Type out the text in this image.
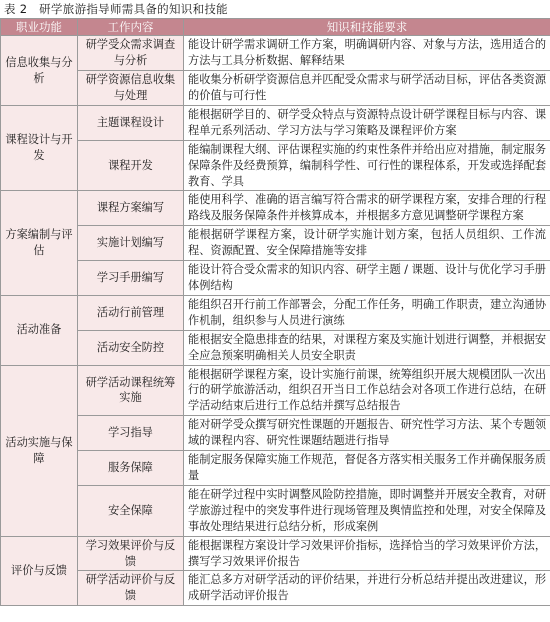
表 2　研学旅游指导师需具备的知识和技能
职业功能	工作内容	知识和技能要求
信息收集与分析	研学受众需求调查与分析	能设计研学需求调研工作方案，明确调研内容、对象与方法，选用适合的方法与工具分析数据、解释结果
	研学资源信息收集与处理	能收集分析研学资源信息并匹配受众需求与研学活动目标，评估各类资源的价值与可行性
课程设计与开发	主题课程设计	能根据研学目的、研学受众特点与资源特点设计研学课程目标与内容、课程单元系列活动、学习方法与学习策略及课程评价方案
	课程开发	能编制课程大纲、评估课程实施的约束性条件并给出应对措施，制定服务保障条件及经费预算，编制科学性、可行性的课程体系，开发或选择配套教育、学具
方案编制与评估	课程方案编写	能使用科学、准确的语言编写符合需求的研学课程方案，安排合理的行程路线及服务保障条件并核算成本，并根据多方意见调整研学课程方案
	实施计划编写	能根据研学课程方案，设计研学实施计划方案，包括人员组织、工作流程、资源配置、安全保障措施等安排
	学习手册编写	能设计符合受众需求的知识内容、研学主题 / 课题、设计与优化学习手册体例结构
活动准备	活动行前管理	能组织召开行前工作部署会，分配工作任务，明确工作职责，建立沟通协作机制，组织参与人员进行演练
	活动安全防控	能根据安全隐患排查的结果，对课程方案及实施计划进行调整，并根据安全应急预案明确相关人员安全职责
活动实施与保障	研学活动课程统筹实施	能根据研学课程方案，设计实施行前课，统筹组织开展大规模团队一次出行的研学旅游活动，组织召开当日工作总结会对各项工作进行总结，在研学活动结束后进行工作总结并撰写总结报告
	学习指导	能对研学受众撰写研究性课题的开题报告、研究性学习方法、某个专题领域的课程内容、研究性课题结题进行指导
	服务保障	能制定服务保障实施工作规范，督促各方落实相关服务工作并确保服务质量
	安全保障	能在研学过程中实时调整风险防控措施，即时调整并开展安全教育，对研学旅游过程中的突发事件进行现场管理及舆情监控和处理，对安全保障及事故处理结果进行总结分析，形成案例
评价与反馈	学习效果评价与反馈	能根据课程方案设计学习效果评价指标，选择恰当的学习效果评价方法，撰写学习效果评价报告
	研学活动评价与反馈	能汇总多方对研学活动的评价结果，并进行分析总结并提出改进建议，形成研学活动评价报告
